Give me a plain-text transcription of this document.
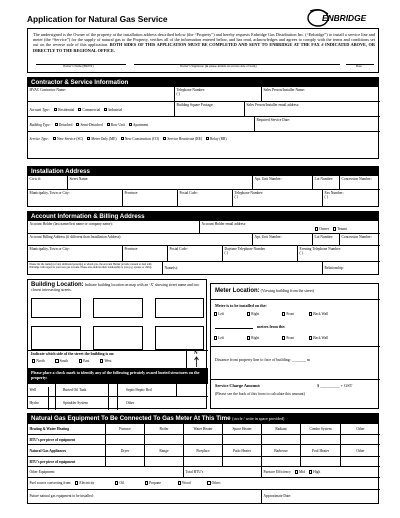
Application for Natural Gas Service	ENBRIDGE
The undersigned is the Owner of the property at the installation address described below (the “Property”) and hereby requests Enbridge Gas Distribution Inc. (“Enbridge”) to install a service line and meter (the “Service”) for the supply of natural gas to the Property, verifies all of the information entered below, and has read, acknowledges and agrees to comply with the terms and conditions set out on the reverse side of this application. BOTH SIDES OF THIS APPLICATION MUST BE COMPLETED AND SENT TO ENBRIDGE AT THE FAX # INDICATED ABOVE, OR DIRECTLY TO THE REGIONAL OFFICE.
Owner’s Name (PRINT)	Owner’s Signature: (& please initials on reverse side of form)	Date
Contractor & Service Information
HVAC Contractor Name:	Telephone Number:
( )
Sales Person/Installer Name:
Account Type: Residential Commercial Industrial
Building Square Footage:	Sales Person/Installer email address:
Building Type: Detached Semi-Detached Row Unit Apartment
Required Service Date:
Service Type: New Service (SC) Meter Only (ME) New Construction (CO) Service Reactivate (RE) Relay (RR)
Installation Address
Civic #:	Street Name:	Apt. Unit Number:	Lot Number:	Concession Number:
Municipality, Town or City:	Province:	Postal Code:	Telephone Number:
( )
Fax Number:
( )
Account Information & Billing Address
Account Holder (last name/first name or company name):	Account Holder email address:
Owner Tenant
Account Billing Address (if different than Installation Address):	Apt. Unit Number:	Lot Number:	Concession Number:
Municipality, Town or City:	Province:	Postal Code:	Daytime Telephone Number
( )
Evening Telephone Number:
( )
Please list the name(s) of any additional person(s) to whom you, the Account Holder provide consent to deal with Enbridge with regard to your new gas account. Please also indicate their relationship to you (e.g. spouse or child).	Name(s):	Relationship:
Building Location: Indicate building location on map with an ‘X’ showing street name and two closest intersecting streets.
Indicate which side of the street the building is on:
North	South	East	West
N
Please place a check mark to identify any of the following privately owned buried structures on the property:
Well	Buried Oil Tank	Septic/Septic Bed
Hydro	Sprinkler System	Other
Meter Location: (Viewing building from the street)
Meter is to be installed on the:
Left	Right	Front	Back Wall
metres from the:
Left	Right	Front	Back Wall
Distance from property line to face of building: _______ m
Service Charge Amount:	$ _________ + GST
(Please see the back of this form to calculate this amount)
Natural Gas Equipment To Be Connected To Gas Meter At This Time (circle / write in space provided)
Heating & Water Heating	Furnace	Boiler	Water Heater	Space Heater	Radiant	Combo System	Other
BTU’s per piece of equipment
Natural Gas Appliances	Dryer	Range	Fireplace	Patio Heater	Barbecue	Pool Heater	Other
BTU’s per piece of equipment
Other Equipment:	Total BTU’s	Furnace Efficiency Mid High
Fuel source converting from: Electricity	Oil	Propane	Wood	Other:
Future natural gas equipment to be installed:	Approximate Date:
